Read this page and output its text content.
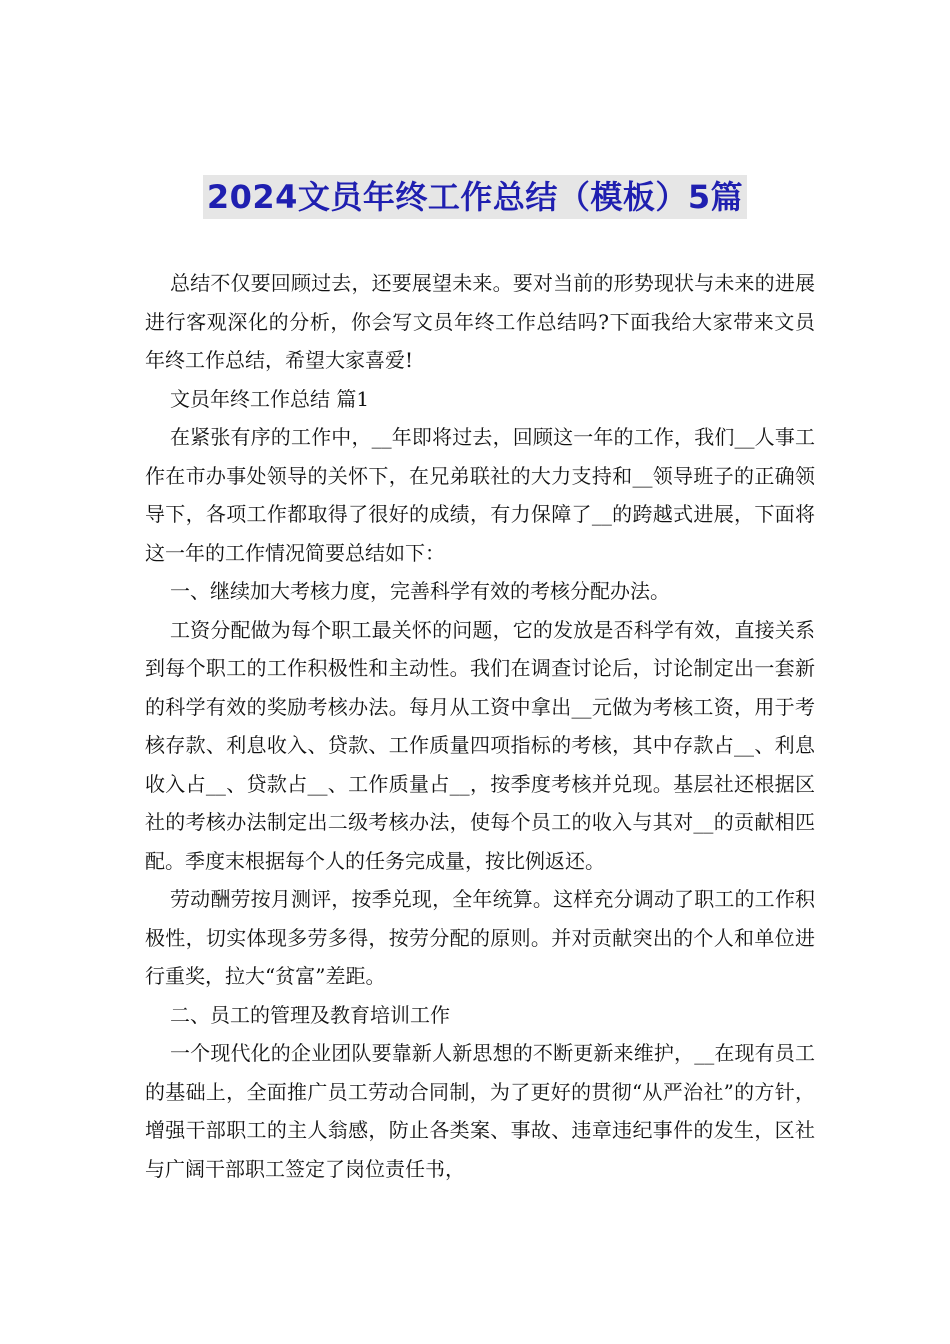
2024文员年终工作总结（模板）5篇

总结不仅要回顾过去，还要展望未来。要对当前的形势现状与未来的进展进行客观深化的分析，你会写文员年终工作总结吗?下面我给大家带来文员年终工作总结，希望大家喜爱!

文员年终工作总结 篇1

在紧张有序的工作中，__年即将过去，回顾这一年的工作，我们__人事工作在市办事处领导的关怀下，在兄弟联社的大力支持和__领导班子的正确领导下，各项工作都取得了很好的成绩，有力保障了__的跨越式进展，下面将这一年的工作情况简要总结如下：

一、继续加大考核力度，完善科学有效的考核分配办法。

工资分配做为每个职工最关怀的问题，它的发放是否科学有效，直接关系到每个职工的工作积极性和主动性。我们在调查讨论后，讨论制定出一套新的科学有效的奖励考核办法。每月从工资中拿出__元做为考核工资，用于考核存款、利息收入、贷款、工作质量四项指标的考核，其中存款占__、利息收入占__、贷款占__、工作质量占__，按季度考核并兑现。基层社还根据区社的考核办法制定出二级考核办法，使每个员工的收入与其对__的贡献相匹配。季度末根据每个人的任务完成量，按比例返还。

劳动酬劳按月测评，按季兑现，全年统算。这样充分调动了职工的工作积极性，切实体现多劳多得，按劳分配的原则。并对贡献突出的个人和单位进行重奖，拉大“贫富”差距。

二、员工的管理及教育培训工作

一个现代化的企业团队要靠新人新思想的不断更新来维护，__在现有员工的基础上，全面推广员工劳动合同制，为了更好的贯彻“从严治社”的方针，增强干部职工的主人翁感，防止各类案、事故、违章违纪事件的发生，区社与广阔干部职工签定了岗位责任书，
